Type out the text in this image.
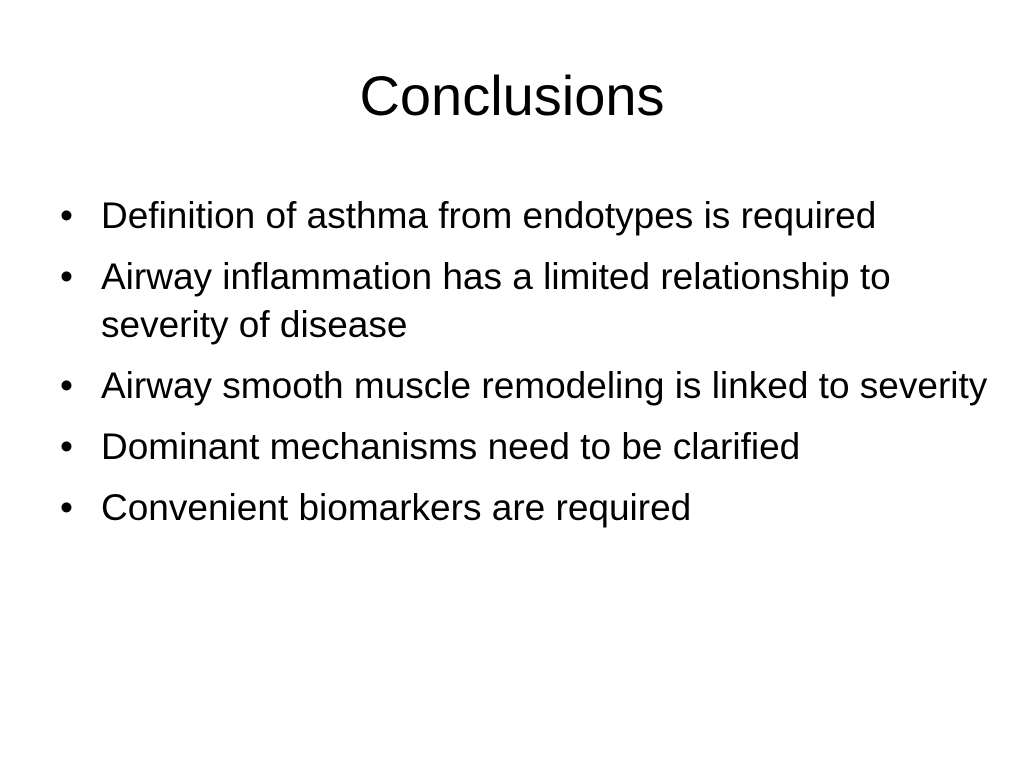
Conclusions
• Definition of asthma from endotypes is required
• Airway inflammation has a limited relationship to severity of disease
• Airway smooth muscle remodeling is linked to severity
• Dominant mechanisms need to be clarified
• Convenient biomarkers are required
